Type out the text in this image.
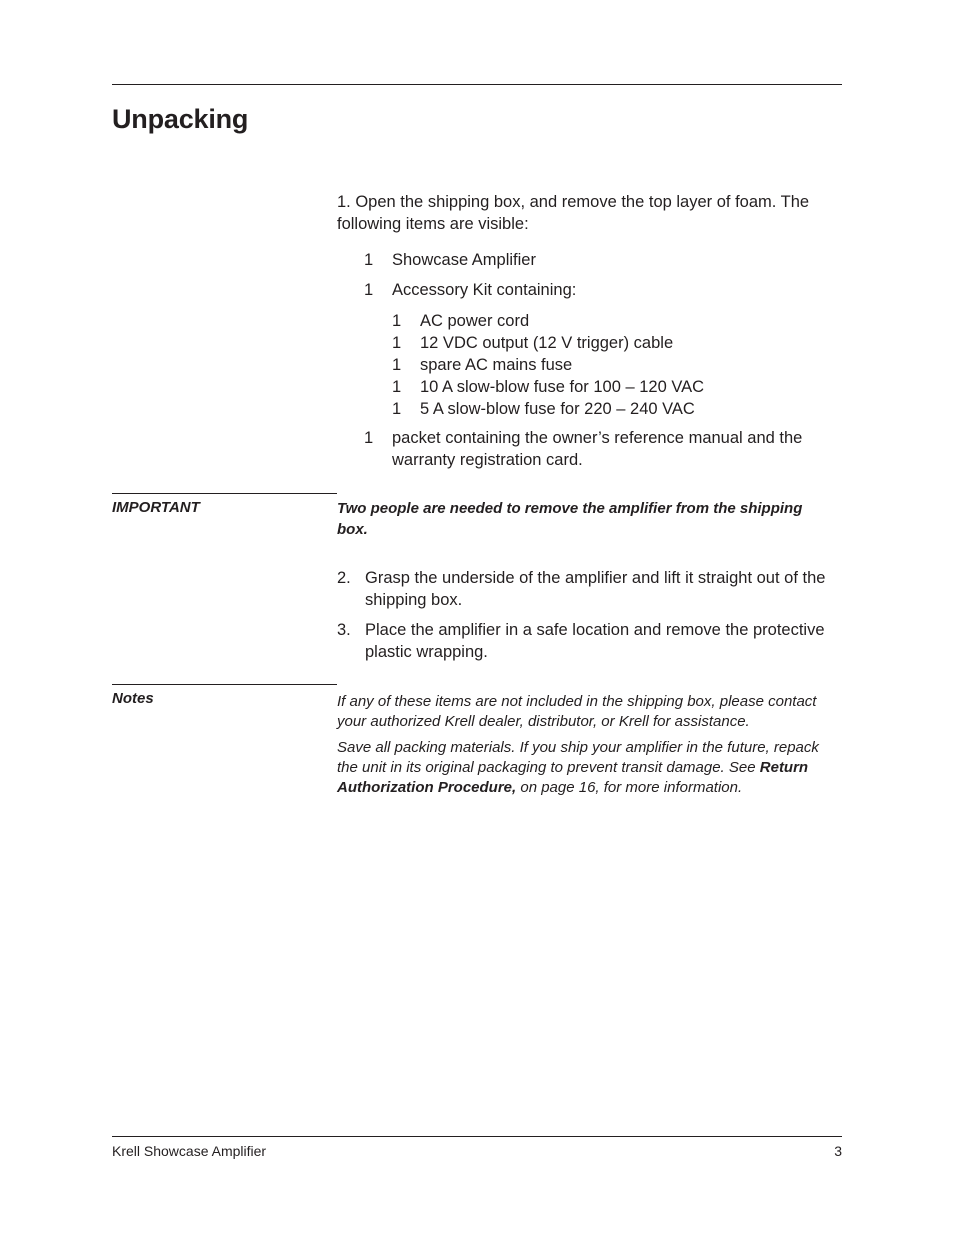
Unpacking
1. Open the shipping box, and remove the top layer of foam. The following items are visible:
1	Showcase Amplifier
1	Accessory Kit containing:
1	AC power cord
1	12 VDC output (12 V trigger) cable
1	spare AC mains fuse
1	10 A slow-blow fuse for 100 – 120 VAC
1	5 A slow-blow fuse for 220 – 240 VAC
1	packet containing the owner’s reference manual and the warranty registration card.
IMPORTANT	Two people are needed to remove the amplifier from the shipping box.
2. Grasp the underside of the amplifier and lift it straight out of the shipping box.
3. Place the amplifier in a safe location and remove the protective plastic wrapping.
Notes	If any of these items are not included in the shipping box, please contact your authorized Krell dealer, distributor, or Krell for assistance.
Save all packing materials. If you ship your amplifier in the future, repack the unit in its original packaging to prevent transit damage. See Return Authorization Procedure, on page 16, for more information.
Krell Showcase Amplifier	3
